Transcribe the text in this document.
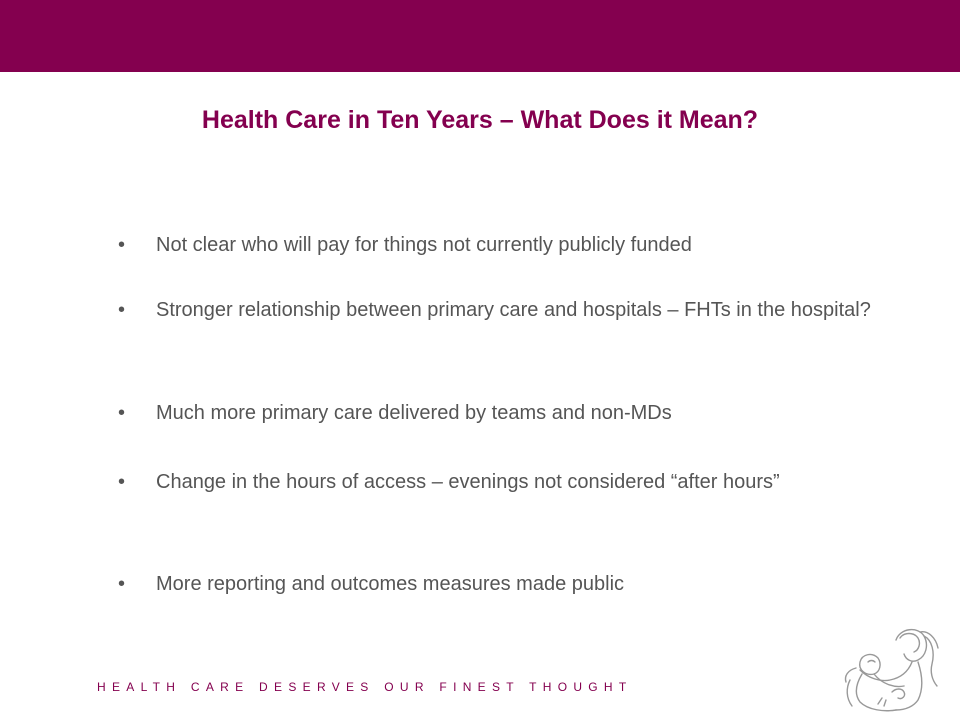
Health Care in Ten Years – What Does it Mean?
•	Not clear who will pay for things not currently publicly funded
•	Stronger relationship between primary care and hospitals – FHTs in the hospital?
•	Much more primary care delivered by teams and non-MDs
•	Change in the hours of access – evenings not considered “after hours”
•	More reporting and outcomes measures made public
HEALTH CARE DESERVES OUR FINEST THOUGHT
